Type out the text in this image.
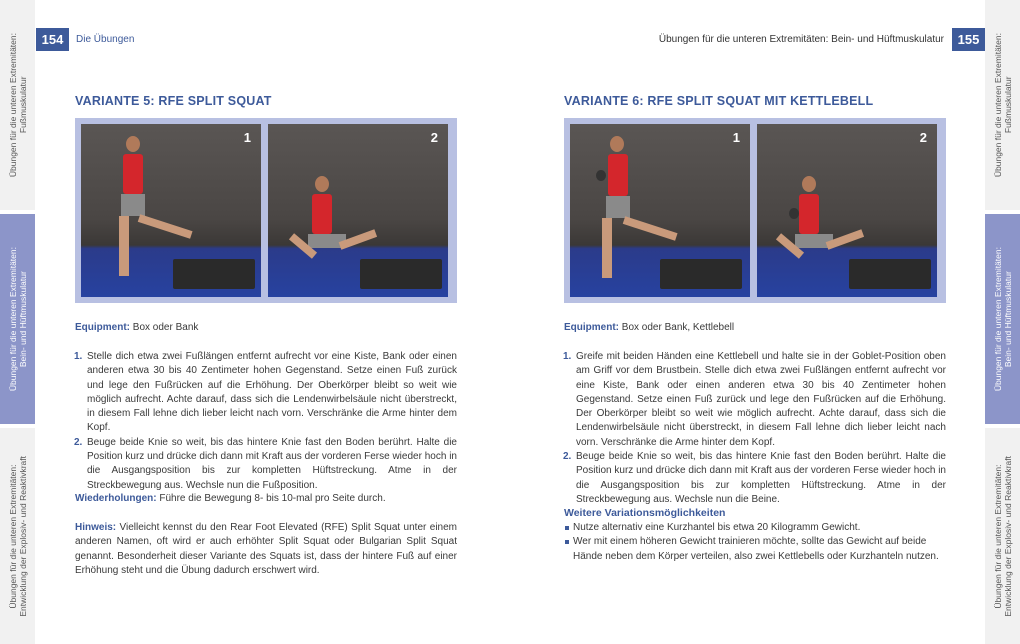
Übungen für die unteren Extremitäten:
Fußmuskulatur
Übungen für die unteren Extremitäten:
Bein- und Hüftmuskulatur
Übungen für die unteren Extremitäten:
Entwicklung der Explosiv- und Reaktivkraft
Übungen für die unteren Extremitäten:
Fußmuskulatur
Übungen für die unteren Extremitäten:
Bein- und Hüftmuskulatur
Übungen für die unteren Extremitäten:
Entwicklung der Explosiv- und Reaktivkraft
154	Die Übungen
VARIANTE 5: RFE SPLIT SQUAT
1	2
Equipment: Box oder Bank
1. Stelle dich etwa zwei Fußlängen entfernt aufrecht vor eine Kiste, Bank oder einen anderen etwa 30 bis 40 Zentimeter hohen Gegenstand. Setze einen Fuß zurück und lege den Fußrücken auf die Erhöhung. Der Oberkörper bleibt so weit wie möglich aufrecht. Achte darauf, dass sich die Lendenwirbelsäule nicht überstreckt, in diesem Fall lehne dich lieber leicht nach vorn. Verschränke die Arme hinter dem Kopf.
2. Beuge beide Knie so weit, bis das hintere Knie fast den Boden berührt. Halte die Position kurz und drücke dich dann mit Kraft aus der vorderen Ferse wieder hoch in die Ausgangsposition bis zur kompletten Hüftstreckung. Atme in der Streckbewegung aus. Wechsle nun die Fußposition.
Wiederholungen: Führe die Bewegung 8- bis 10-mal pro Seite durch.
Hinweis: Vielleicht kennst du den Rear Foot Elevated (RFE) Split Squat unter einem anderen Namen, oft wird er auch erhöhter Split Squat oder Bulgarian Split Squat genannt. Besonderheit dieser Variante des Squats ist, dass der hintere Fuß auf einer Erhöhung steht und die Übung dadurch erschwert wird.
155
Übungen für die unteren Extremitäten: Bein- und Hüftmuskulatur
VARIANTE 6: RFE SPLIT SQUAT MIT KETTLEBELL
1	2
Equipment: Box oder Bank, Kettlebell
1. Greife mit beiden Händen eine Kettlebell und halte sie in der Goblet-Position oben am Griff vor dem Brustbein. Stelle dich etwa zwei Fußlängen entfernt aufrecht vor eine Kiste, Bank oder einen anderen etwa 30 bis 40 Zentimeter hohen Gegenstand. Setze einen Fuß zurück und lege den Fußrücken auf die Erhöhung. Der Oberkörper bleibt so weit wie möglich aufrecht. Achte darauf, dass sich die Lendenwirbelsäule nicht überstreckt, in diesem Fall lehne dich lieber leicht nach vorn. Verschränke die Arme hinter dem Kopf.
2. Beuge beide Knie so weit, bis das hintere Knie fast den Boden berührt. Halte die Position kurz und drücke dich dann mit Kraft aus der vorderen Ferse wieder hoch in die Ausgangsposition bis zur kompletten Hüftstreckung. Atme in der Streckbewegung aus. Wechsle nun die Beine.
Weitere Variationsmöglichkeiten
Nutze alternativ eine Kurzhantel bis etwa 20 Kilogramm Gewicht.
Wer mit einem höheren Gewicht trainieren möchte, sollte das Gewicht auf beide Hände neben dem Körper verteilen, also zwei Kettlebells oder Kurzhanteln nutzen.
